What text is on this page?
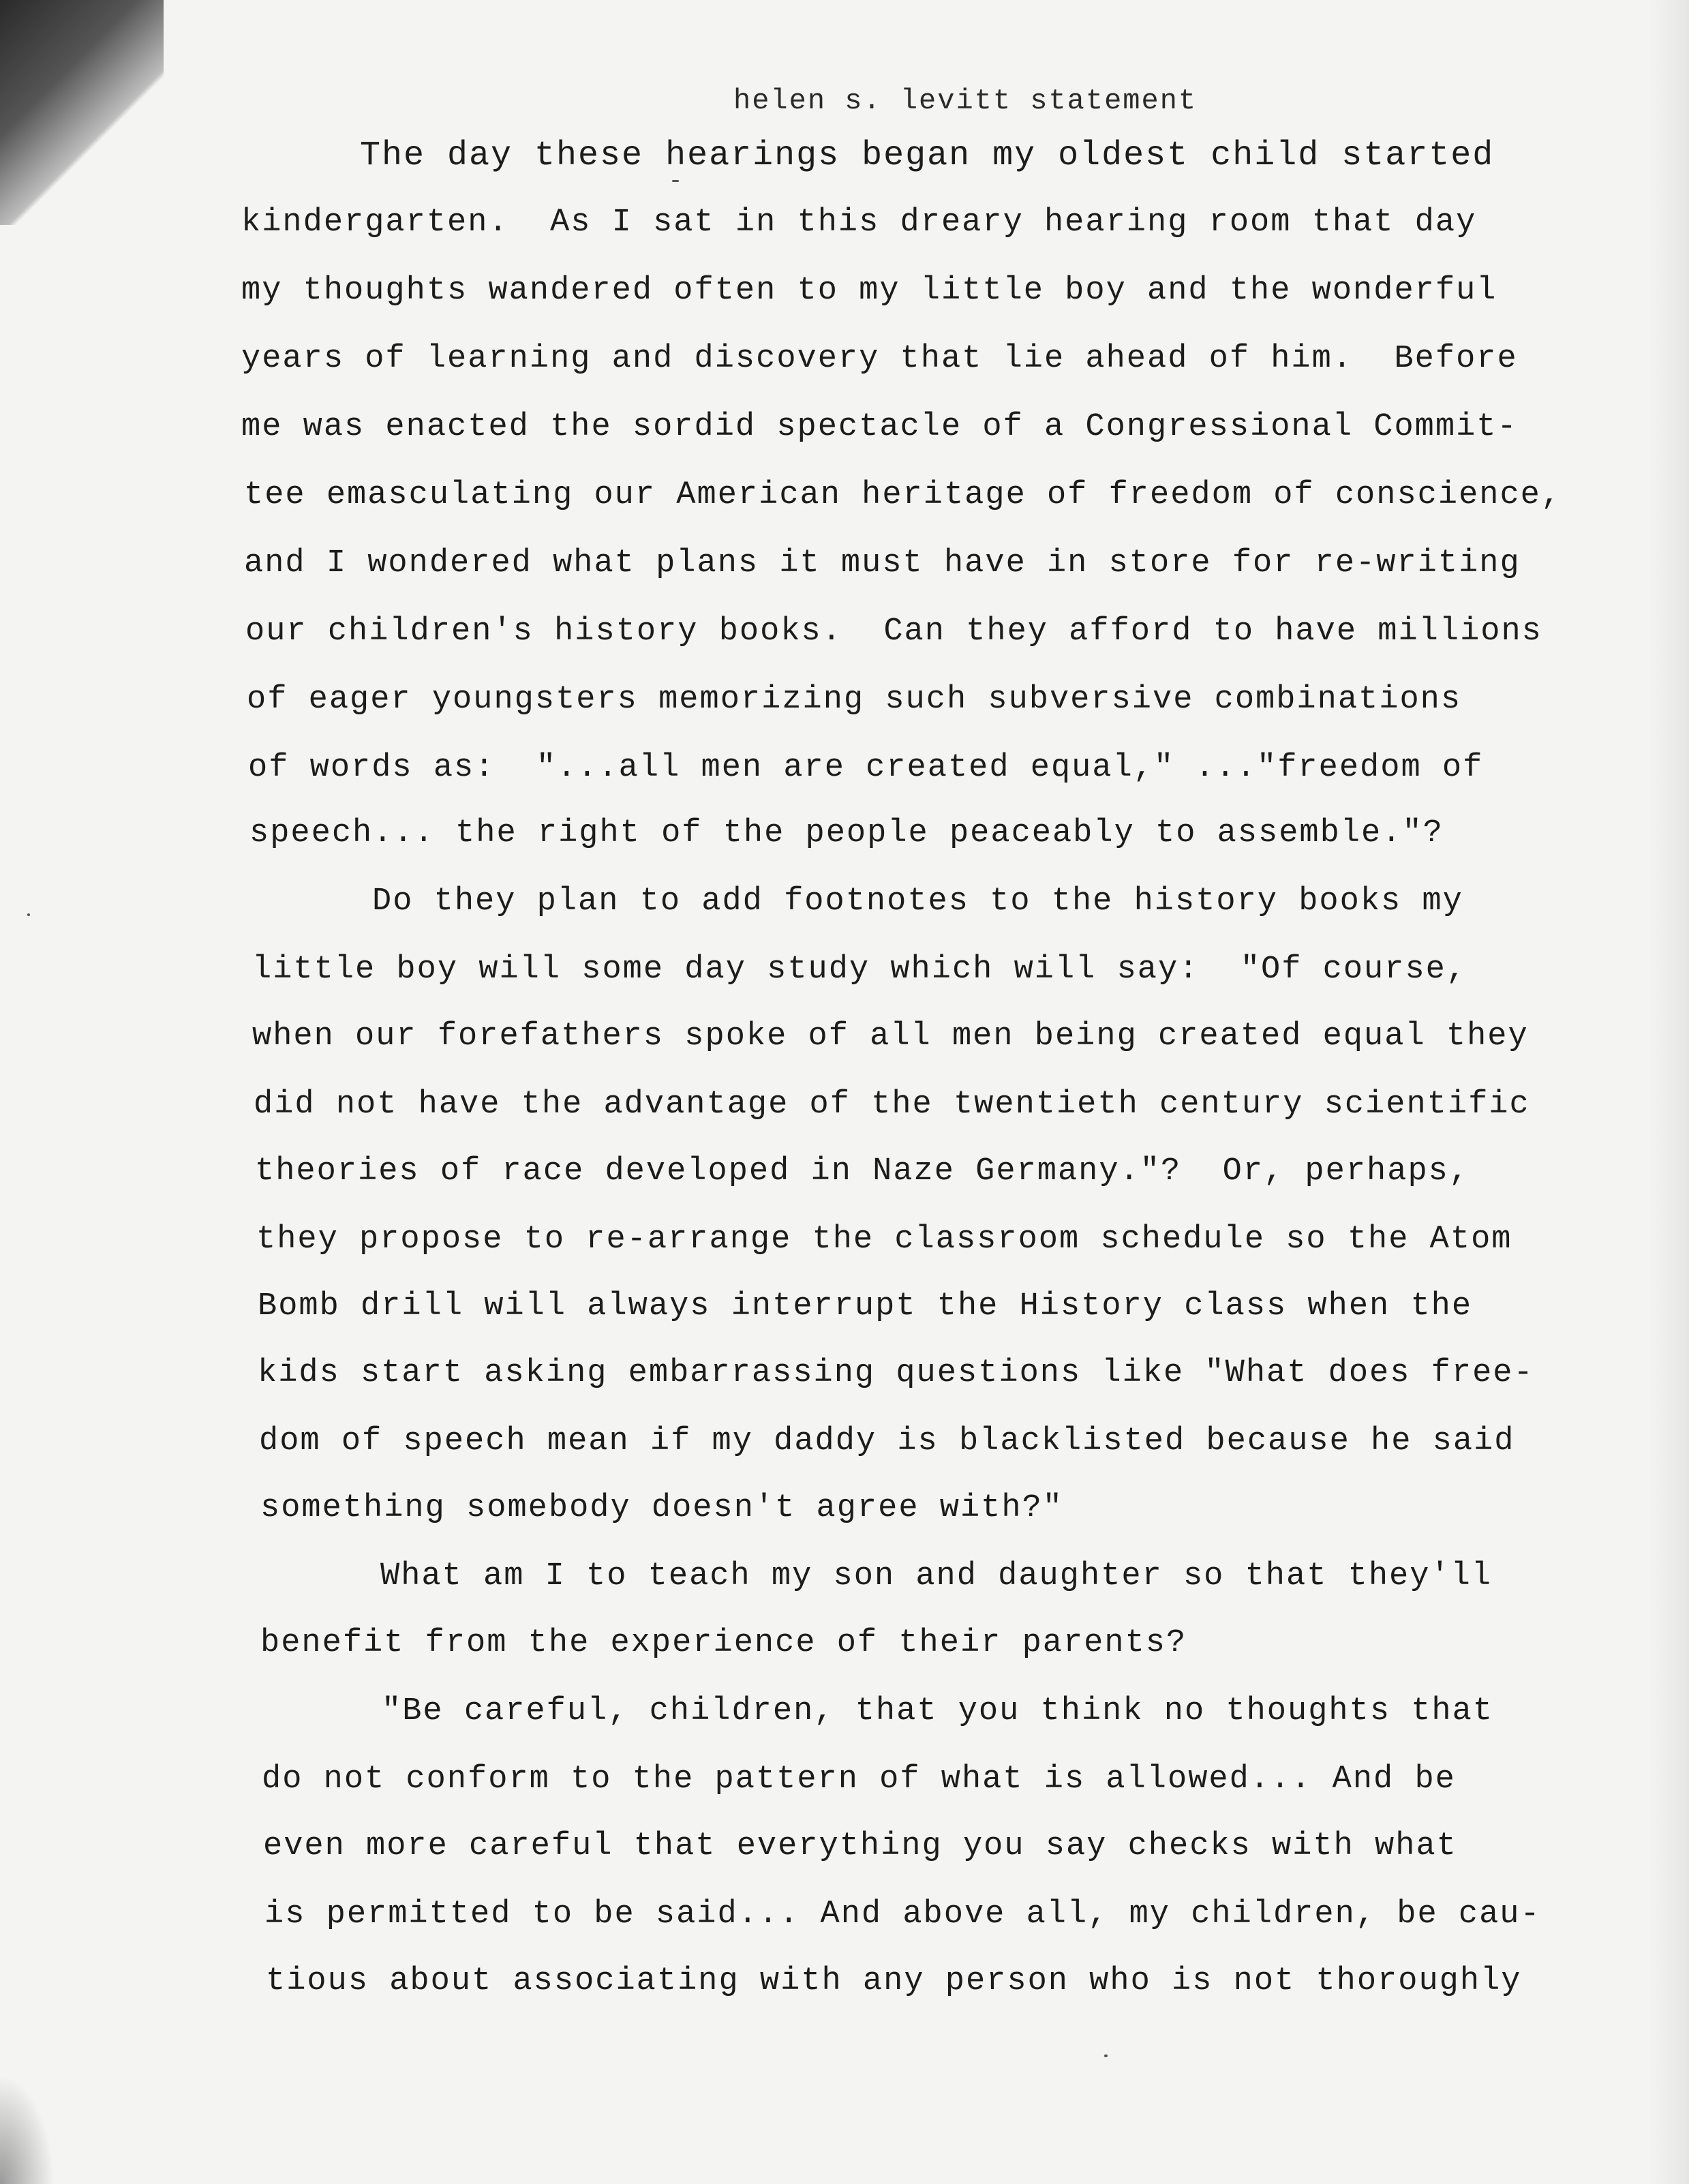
helen s. levitt statement
The day these hearings began my oldest child started
kindergarten.  As I sat in this dreary hearing room that day
my thoughts wandered often to my little boy and the wonderful
years of learning and discovery that lie ahead of him.  Before
me was enacted the sordid spectacle of a Congressional Commit-
tee emasculating our American heritage of freedom of conscience,
and I wondered what plans it must have in store for re-writing
our children's history books.  Can they afford to have millions
of eager youngsters memorizing such subversive combinations
of words as:  "...all men are created equal," ..."freedom of
speech... the right of the people peaceably to assemble."?
Do they plan to add footnotes to the history books my
little boy will some day study which will say:  "Of course,
when our forefathers spoke of all men being created equal they
did not have the advantage of the twentieth century scientific
theories of race developed in Naze Germany."?  Or, perhaps,
they propose to re-arrange the classroom schedule so the Atom
Bomb drill will always interrupt the History class when the
kids start asking embarrassing questions like "What does free-
dom of speech mean if my daddy is blacklisted because he said
something somebody doesn't agree with?"
What am I to teach my son and daughter so that they'll
benefit from the experience of their parents?
"Be careful, children, that you think no thoughts that
do not conform to the pattern of what is allowed... And be
even more careful that everything you say checks with what
is permitted to be said... And above all, my children, be cau-
tious about associating with any person who is not thoroughly
